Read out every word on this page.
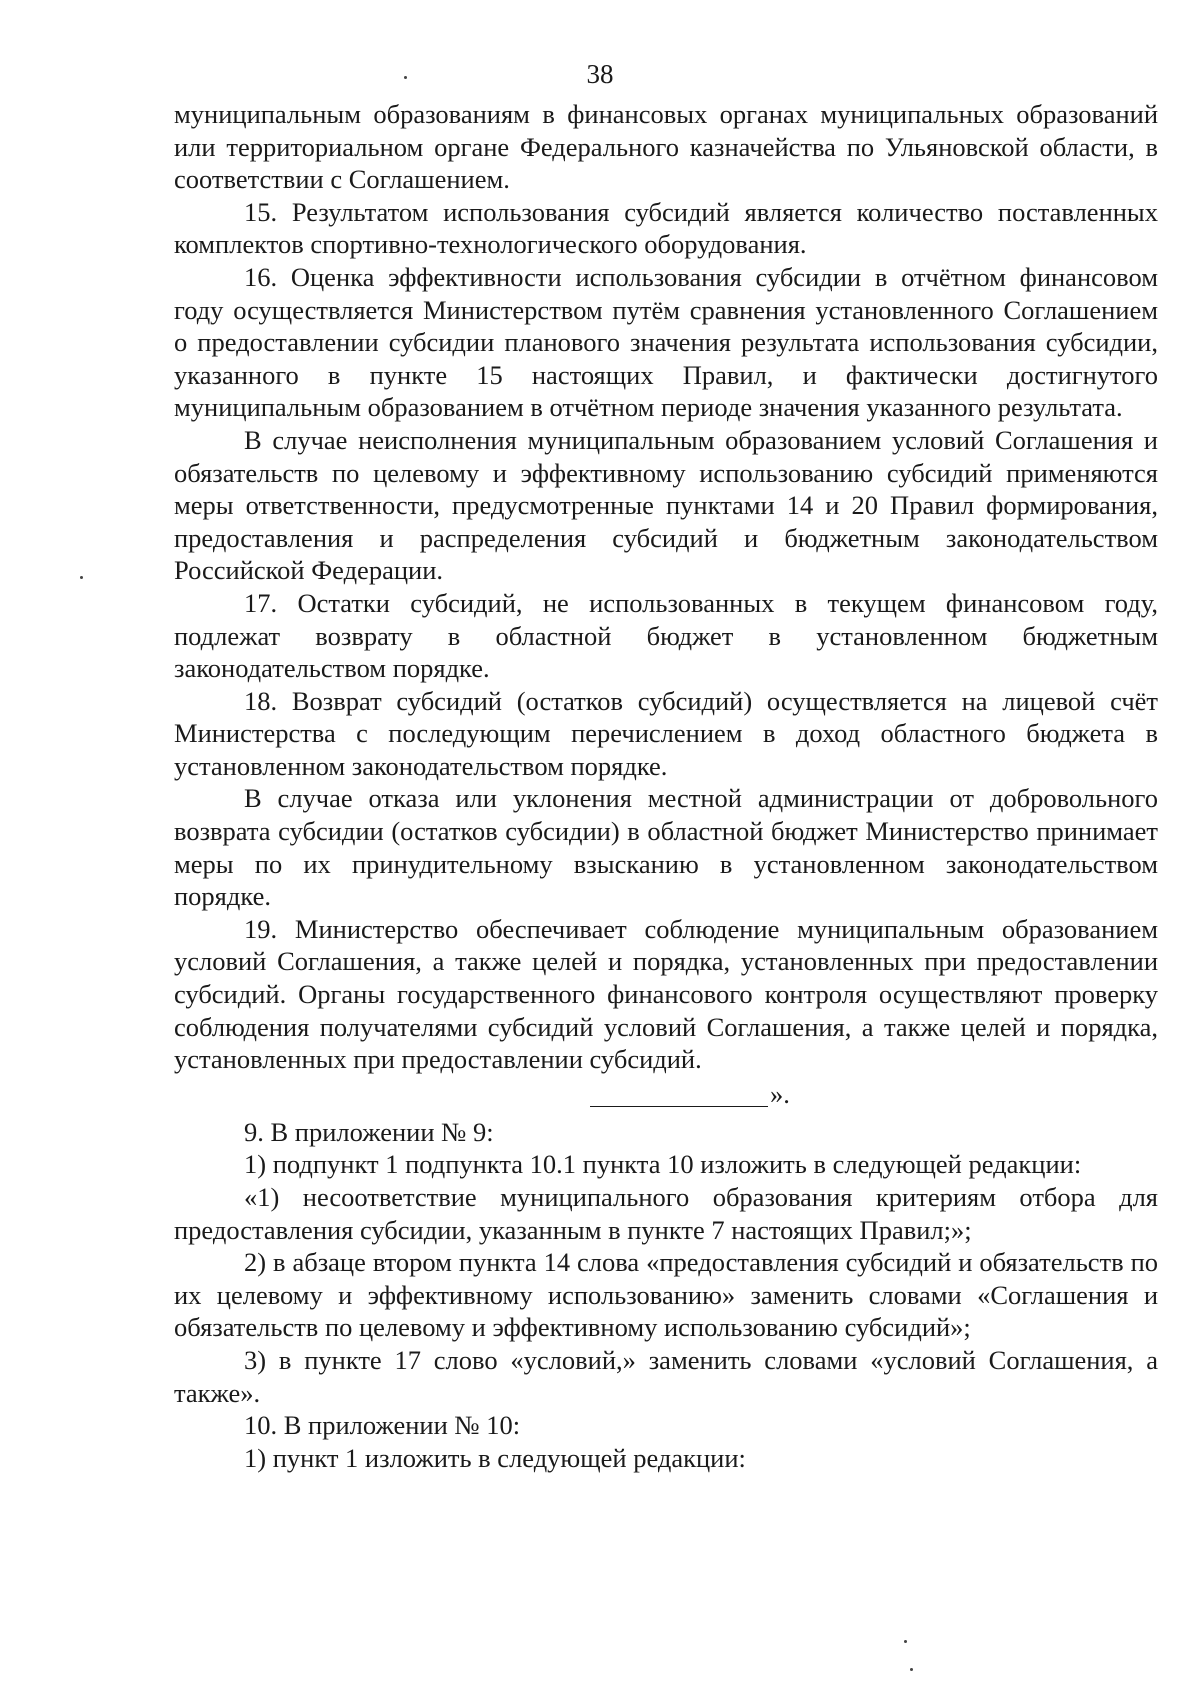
38

муниципальным образованиям в финансовых органах муниципальных образований или территориальном органе Федерального казначейства по Ульяновской области, в соответствии с Соглашением.

15. Результатом использования субсидий является количество поставленных комплектов спортивно-технологического оборудования.

16. Оценка эффективности использования субсидии в отчётном финансовом году осуществляется Министерством путём сравнения установленного Соглашением о предоставлении субсидии планового значения результата использования субсидии, указанного в пункте 15 настоящих Правил, и фактически достигнутого муниципальным образованием в отчётном периоде значения указанного результата.

В случае неисполнения муниципальным образованием условий Соглашения и обязательств по целевому и эффективному использованию субсидий применяются меры ответственности, предусмотренные пунктами 14 и 20 Правил формирования, предоставления и распределения субсидий и бюджетным законодательством Российской Федерации.

17. Остатки субсидий, не использованных в текущем финансовом году, подлежат возврату в областной бюджет в установленном бюджетным законодательством порядке.

18. Возврат субсидий (остатков субсидий) осуществляется на лицевой счёт Министерства с последующим перечислением в доход областного бюджета в установленном законодательством порядке.

В случае отказа или уклонения местной администрации от добровольного возврата субсидии (остатков субсидии) в областной бюджет Министерство принимает меры по их принудительному взысканию в установленном законодательством порядке.

19. Министерство обеспечивает соблюдение муниципальным образованием условий Соглашения, а также целей и порядка, установленных при предоставлении субсидий. Органы государственного финансового контроля осуществляют проверку соблюдения получателями субсидий условий Соглашения, а также целей и порядка, установленных при предоставлении субсидий.

».

9. В приложении № 9:

1) подпункт 1 подпункта 10.1 пункта 10 изложить в следующей редакции:

«1) несоответствие муниципального образования критериям отбора для предоставления субсидии, указанным в пункте 7 настоящих Правил;»;

2) в абзаце втором пункта 14 слова «предоставления субсидий и обязательств по их целевому и эффективному использованию» заменить словами «Соглашения и обязательств по целевому и эффективному использованию субсидий»;

3) в пункте 17 слово «условий,» заменить словами «условий Соглашения, а также».

10. В приложении № 10:

1) пункт 1 изложить в следующей редакции:
